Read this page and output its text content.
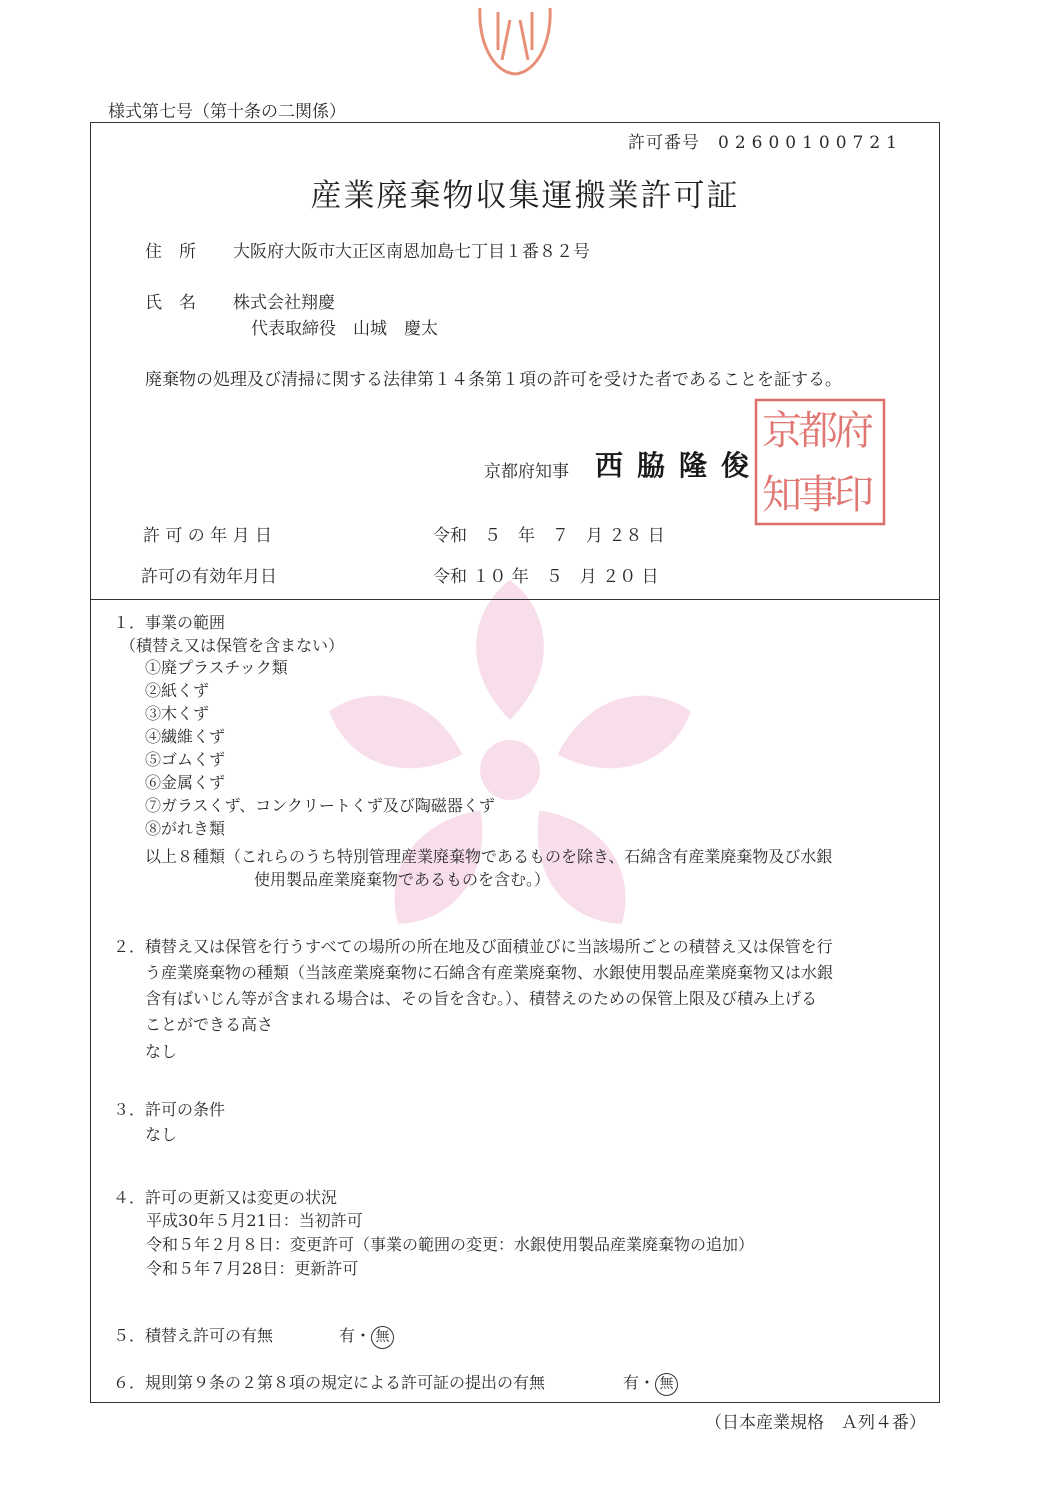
様式第七号（第十条の二関係）
許可番号 02600100721
産業廃棄物収集運搬業許可証
住　所 大阪府大阪市大正区南恩加島七丁目１番８２号
氏　名 株式会社翔慶
代表取締役　山城　慶太
廃棄物の処理及び清掃に関する法律第１４条第１項の許可を受けた者であることを証する。
京都府知事 西脇隆俊
府
印
都
事
京
知
許 可 の 年 月 日	令和　５　年　７　月 ２８ 日
許可の有効年月日	令和 １０ 年　５　月 ２０ 日
１．事業の範囲
（積替え又は保管を含まない）
①廃プラスチック類
②紙くず
③木くず
④繊維くず
⑤ゴムくず
⑥金属くず
⑦ガラスくず、コンクリートくず及び陶磁器くず
⑧がれき類
以上８種類（これらのうち特別管理産業廃棄物であるものを除き、石綿含有産業廃棄物及び水銀
使用製品産業廃棄物であるものを含む。）
２．積替え又は保管を行うすべての場所の所在地及び面積並びに当該場所ごとの積替え又は保管を行
う産業廃棄物の種類（当該産業廃棄物に石綿含有産業廃棄物、水銀使用製品産業廃棄物又は水銀
含有ばいじん等が含まれる場合は、その旨を含む。）、積替えのための保管上限及び積み上げる
ことができる高さ
なし
３．許可の条件
なし
４．許可の更新又は変更の状況
平成30年５月21日：当初許可
令和５年２月８日：変更許可（事業の範囲の変更：水銀使用製品産業廃棄物の追加）
令和５年７月28日：更新許可
５．積替え許可の有無	有・ 無
６．規則第９条の２第８項の規定による許可証の提出の有無	有・ 無
（日本産業規格　Ａ列４番）
